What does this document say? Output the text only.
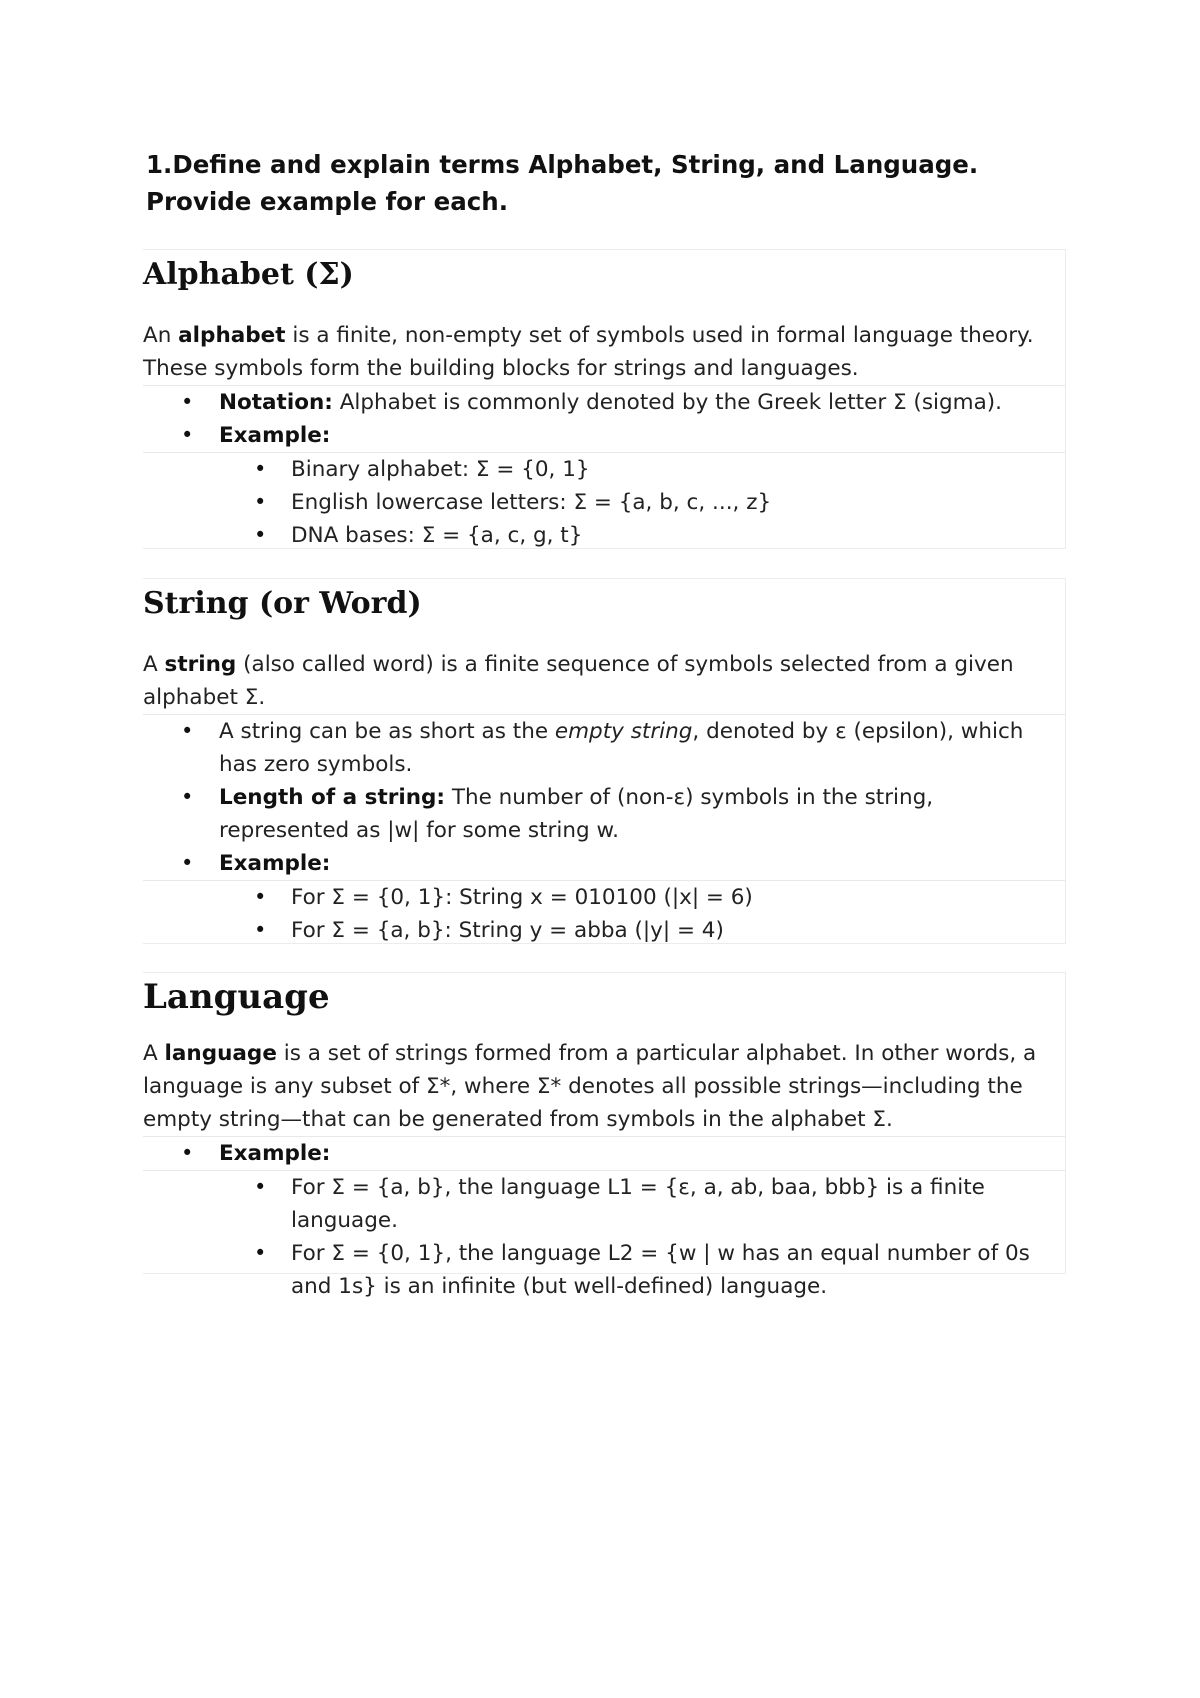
1.Define and explain terms Alphabet, String, and Language. Provide example for each.
Alphabet (Σ)

An alphabet is a finite, non-empty set of symbols used in formal language theory. These symbols form the building blocks for strings and languages.

• Notation: Alphabet is commonly denoted by the Greek letter Σ (sigma).
• Example:
• Binary alphabet: Σ = {0, 1}
• English lowercase letters: Σ = {a, b, c, ..., z}
• DNA bases: Σ = {a, c, g, t}
String (or Word)

A string (also called word) is a finite sequence of symbols selected from a given alphabet Σ.

• A string can be as short as the empty string, denoted by ε (epsilon), which has zero symbols.
• Length of a string: The number of (non-ε) symbols in the string, represented as |w| for some string w.
• Example:
• For Σ = {0, 1}: String x = 010100 (|x| = 6)
• For Σ = {a, b}: String y = abba (|y| = 4)
Language

A language is a set of strings formed from a particular alphabet. In other words, a language is any subset of Σ*, where Σ* denotes all possible strings—including the empty string—that can be generated from symbols in the alphabet Σ.

• Example:
• For Σ = {a, b}, the language L1 = {ε, a, ab, baa, bbb} is a finite language.
• For Σ = {0, 1}, the language L2 = {w | w has an equal number of 0s and 1s} is an infinite (but well-defined) language.
